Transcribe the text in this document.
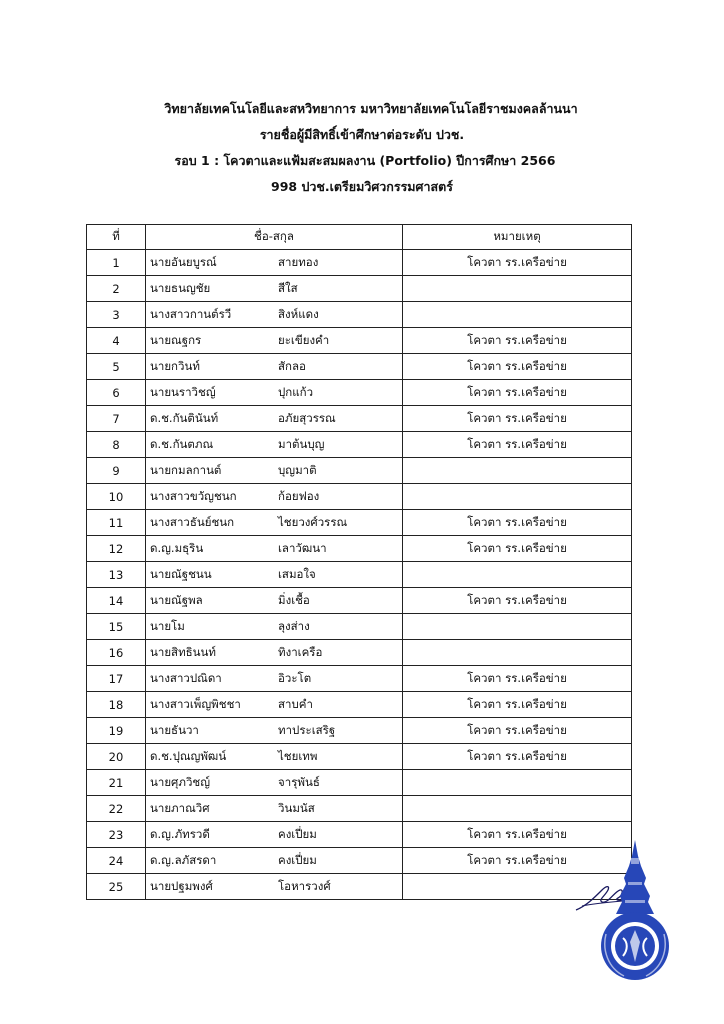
วิทยาลัยเทคโนโลยีและสหวิทยาการ มหาวิทยาลัยเทคโนโลยีราชมงคลล้านนา
รายชื่อผู้มีสิทธิ์เข้าศึกษาต่อระดับ ปวช.
รอบ 1 : โควตาและแฟ้มสะสมผลงาน (Portfolio) ปีการศึกษา 2566
998 ปวช.เตรียมวิศวกรรมศาสตร์
ที่	ชื่อ-สกุล		หมายเหตุ
1	นายอันยบูรณ์	สายทอง	โควตา รร.เครือข่าย
2	นายธนญชัย	สีใส	
3	นางสาวกานต์รวี	สิงห์แดง	
4	นายณฐกร	ยะเขียงคำ	โควตา รร.เครือข่าย
5	นายกวินท์	สักลอ	โควตา รร.เครือข่าย
6	นายนราวิชญ์	ปุกแก้ว	โควตา รร.เครือข่าย
7	ด.ช.กันตินันท์	อภัยสุวรรณ	โควตา รร.เครือข่าย
8	ด.ช.กันตภณ	มาต้นบุญ	โควตา รร.เครือข่าย
9	นายกมลกานต์	บุญมาติ	
10	นางสาวขวัญชนก	ก้อยฟอง	
11	นางสาวธันย์ชนก	ไชยวงศ์วรรณ	โควตา รร.เครือข่าย
12	ด.ญ.มธุริน	เลาวัฒนา	โควตา รร.เครือข่าย
13	นายณัฐชนน	เสมอใจ	
14	นายณัฐพล	มิ่งเชื้อ	โควตา รร.เครือข่าย
15	นายโม	ลุงส่าง	
16	นายสิทธินนท์	ทิงาเครือ	
17	นางสาวปณิดา	อิวะโต	โควตา รร.เครือข่าย
18	นางสาวเพ็ญพิชชา	สาบคำ	โควตา รร.เครือข่าย
19	นายธันวา	ทาประเสริฐ	โควตา รร.เครือข่าย
20	ด.ช.ปุณญพัฒน์	ไชยเทพ	โควตา รร.เครือข่าย
21	นายศุภวิชญ์	จารุพันธ์	
22	นายภาณวิศ	วินมนัส	
23	ด.ญ.ภัทรวดี	คงเปี่ยม	โควตา รร.เครือข่าย
24	ด.ญ.ลภัสรดา	คงเปี่ยม	โควตา รร.เครือข่าย
25	นายปฐมพงศ์	โอหารวงศ์	
